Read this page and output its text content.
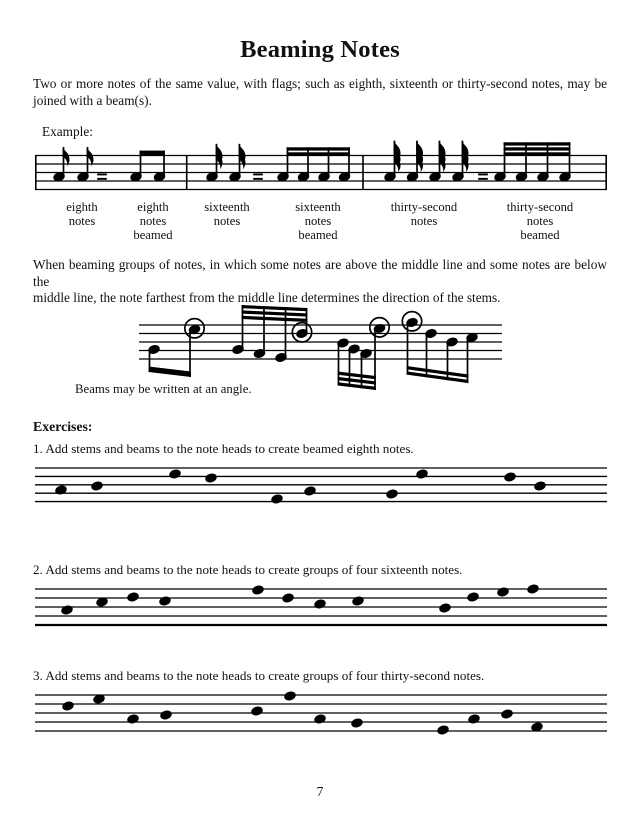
Beaming Notes
Two or more notes of the same value, with flags; such as eighth, sixteenth or thirty-second notes, may be
joined with a beam(s).
Example:
eighth
notes
eighth
notes
beamed
sixteenth
notes
sixteenth
notes
beamed
thirty-second
notes
thirty-second
notes
beamed
When beaming groups of notes, in which some notes are above the middle line and some notes are below the
middle line, the note farthest from the middle line determines the direction of the stems.
Beams may be written at an angle.
Exercises:
1. Add stems and beams to the note heads to create beamed eighth notes.
2. Add stems and beams to the note heads to create groups of four sixteenth notes.
3. Add stems and beams to the note heads to create groups of four thirty-second notes.
7
